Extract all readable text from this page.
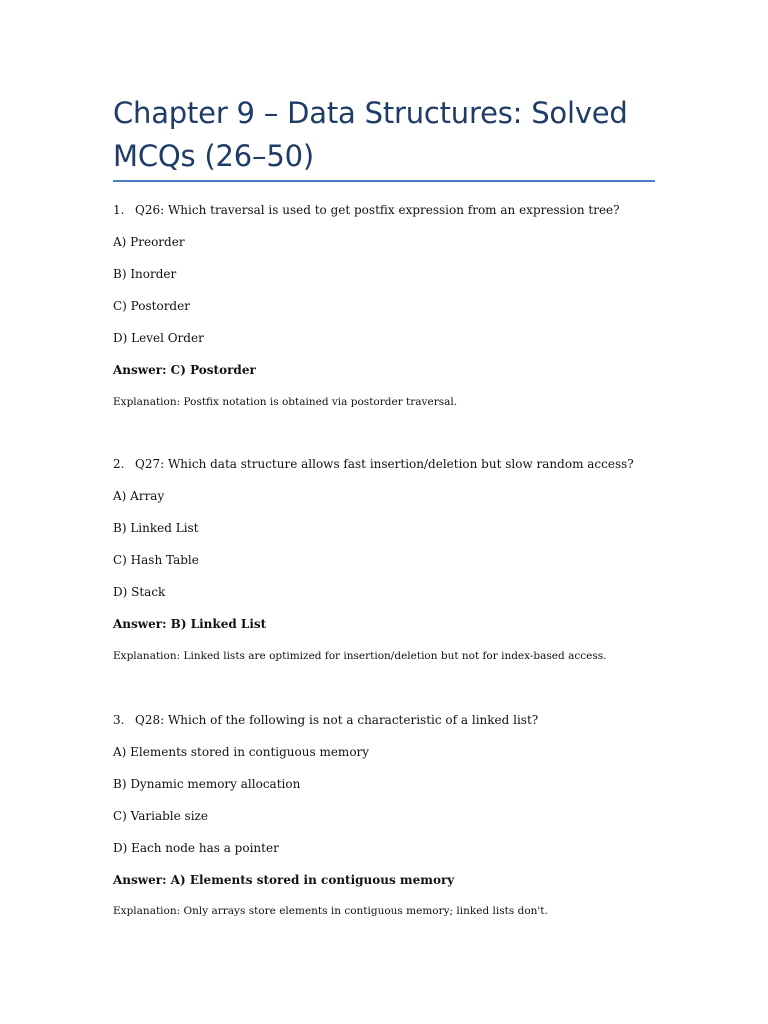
Chapter 9 – Data Structures: Solved MCQs (26–50)
1. Q26: Which traversal is used to get postfix expression from an expression tree?
A) Preorder
B) Inorder
C) Postorder
D) Level Order
Answer: C) Postorder
Explanation: Postfix notation is obtained via postorder traversal.
2. Q27: Which data structure allows fast insertion/deletion but slow random access?
A) Array
B) Linked List
C) Hash Table
D) Stack
Answer: B) Linked List
Explanation: Linked lists are optimized for insertion/deletion but not for index-based access.
3. Q28: Which of the following is not a characteristic of a linked list?
A) Elements stored in contiguous memory
B) Dynamic memory allocation
C) Variable size
D) Each node has a pointer
Answer: A) Elements stored in contiguous memory
Explanation: Only arrays store elements in contiguous memory; linked lists don't.
